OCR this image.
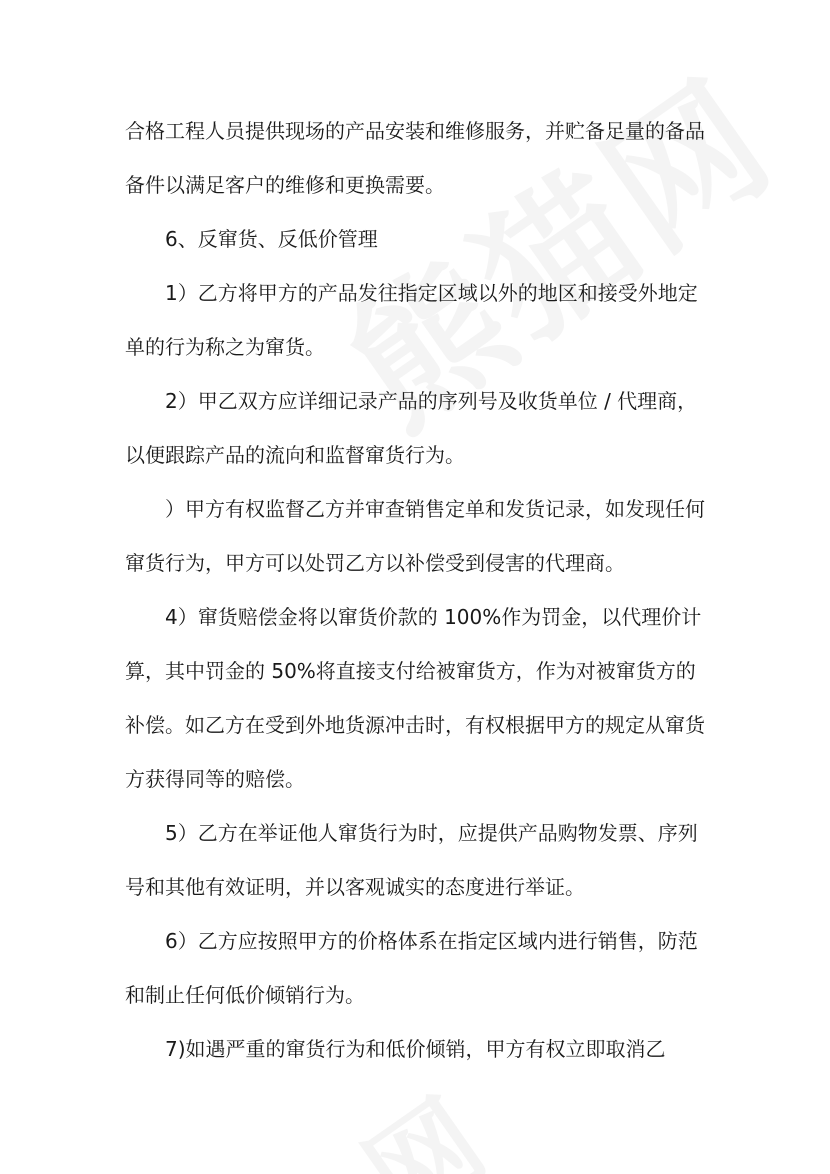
合格工程人员提供现场的产品安装和维修服务，并贮备足量的备品备件以满足客户的维修和更换需要。

6、反窜货、反低价管理

1）乙方将甲方的产品发往指定区域以外的地区和接受外地定单的行为称之为窜货。

2）甲乙双方应详细记录产品的序列号及收货单位 / 代理商，以便跟踪产品的流向和监督窜货行为。

）甲方有权监督乙方并审查销售定单和发货记录，如发现任何窜货行为，甲方可以处罚乙方以补偿受到侵害的代理商。

4）窜货赔偿金将以窜货价款的 100%作为罚金，以代理价计算，其中罚金的 50%将直接支付给被窜货方，作为对被窜货方的补偿。如乙方在受到外地货源冲击时，有权根据甲方的规定从窜货方获得同等的赔偿。

5）乙方在举证他人窜货行为时，应提供产品购物发票、序列号和其他有效证明，并以客观诚实的态度进行举证。

6）乙方应按照甲方的价格体系在指定区域内进行销售，防范和制止任何低价倾销行为。

7)如遇严重的窜货行为和低价倾销，甲方有权立即取消乙
